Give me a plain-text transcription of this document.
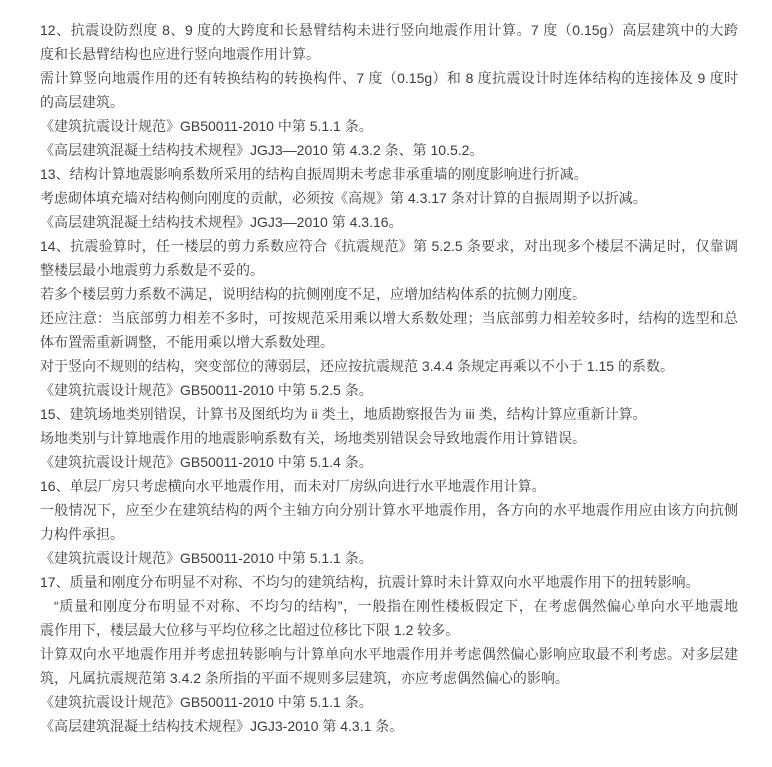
12、抗震设防烈度 8、9 度的大跨度和长悬臂结构未进行竖向地震作用计算。7 度（0.15g）高层建筑中的大跨
度和长悬臂结构也应进行竖向地震作用计算。
需计算竖向地震作用的还有转换结构的转换构件、7 度（0.15g）和 8 度抗震设计时连体结构的连接体及 9 度时
的高层建筑。
《建筑抗震设计规范》GB50011-2010 中第 5.1.1 条。
《高层建筑混凝土结构技术规程》JGJ3—2010 第 4.3.2 条、第 10.5.2。
13、结构计算地震影响系数所采用的结构自振周期未考虑非承重墙的刚度影响进行折减。
考虑砌体填充墙对结构侧向刚度的贡献，必须按《高规》第 4.3.17 条对计算的自振周期予以折减。
《高层建筑混凝土结构技术规程》JGJ3—2010 第 4.3.16。
14、抗震验算时，任一楼层的剪力系数应符合《抗震规范》第 5.2.5 条要求，对出现多个楼层不满足时，仅靠调
整楼层最小地震剪力系数是不妥的。
若多个楼层剪力系数不满足，说明结构的抗侧刚度不足，应增加结构体系的抗侧力刚度。
还应注意：当底部剪力相差不多时，可按规范采用乘以增大系数处理；当底部剪力相差较多时，结构的选型和总
体布置需重新调整，不能用乘以增大系数处理。
对于竖向不规则的结构，突变部位的薄弱层，还应按抗震规范 3.4.4 条规定再乘以不小于 1.15 的系数。
《建筑抗震设计规范》GB50011-2010 中第 5.2.5 条。
15、建筑场地类别错误，计算书及图纸均为 ii 类土，地质勘察报告为 iii 类，结构计算应重新计算。
场地类别与计算地震作用的地震影响系数有关，场地类别错误会导致地震作用计算错误。
《建筑抗震设计规范》GB50011-2010 中第 5.1.4 条。
16、单层厂房只考虑横向水平地震作用，而未对厂房纵向进行水平地震作用计算。
一般情况下，应至少在建筑结构的两个主轴方向分别计算水平地震作用，各方向的水平地震作用应由该方向抗侧
力构件承担。
《建筑抗震设计规范》GB50011-2010 中第 5.1.1 条。
17、质量和刚度分布明显不对称、不均匀的建筑结构，抗震计算时未计算双向水平地震作用下的扭转影响。
“质量和刚度分布明显不对称、不均匀的结构”，一般指在刚性楼板假定下，在考虑偶然偏心单向水平地震地
震作用下，楼层最大位移与平均位移之比超过位移比下限 1.2 较多。
计算双向水平地震作用并考虑扭转影响与计算单向水平地震作用并考虑偶然偏心影响应取最不利考虑。对多层建
筑，凡属抗震规范第 3.4.2 条所指的平面不规则多层建筑，亦应考虑偶然偏心的影响。
《建筑抗震设计规范》GB50011-2010 中第 5.1.1 条。
《高层建筑混凝土结构技术规程》JGJ3-2010 第 4.3.1 条。
